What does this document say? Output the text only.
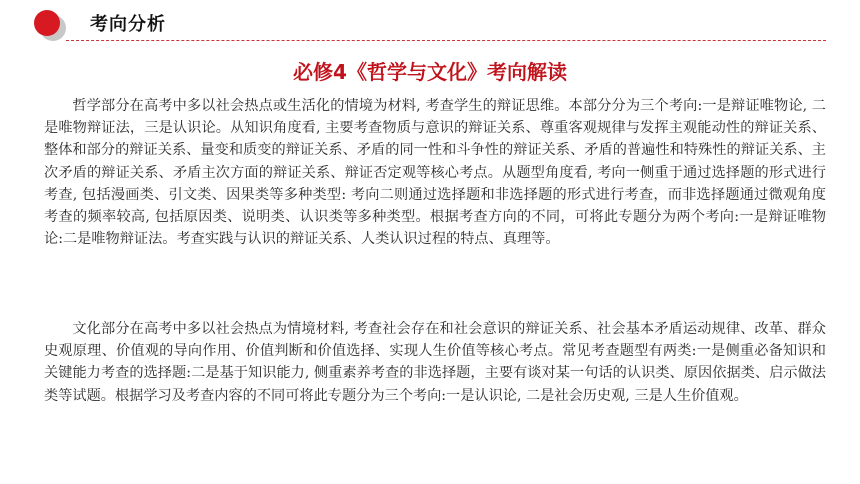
考向分析
必修4《哲学与文化》考向解读

哲学部分在高考中多以社会热点或生活化的情境为材料, 考查学生的辩证思维。本部分分为三个考向:一是辩证唯物论, 二是唯物辩证法，三是认识论。从知识角度看, 主要考查物质与意识的辩证关系、尊重客观规律与发挥主观能动性的辩证关系、整体和部分的辩证关系、量变和质变的辩证关系、矛盾的同一性和斗争性的辩证关系、矛盾的普遍性和特殊性的辩证关系、主次矛盾的辩证关系、矛盾主次方面的辩证关系、辩证否定观等核心考点。从题型角度看, 考向一侧重于通过选择题的形式进行考查, 包括漫画类、引文类、因果类等多种类型: 考向二则通过选择题和非选择题的形式进行考查，而非选择题通过微观角度考查的频率较高, 包括原因类、说明类、认识类等多种类型。根据考查方向的不同，可将此专题分为两个考向:一是辩证唯物论:二是唯物辩证法。考查实践与认识的辩证关系、人类认识过程的特点、真理等。

文化部分在高考中多以社会热点为情境材料, 考查社会存在和社会意识的辩证关系、社会基本矛盾运动规律、改革、群众史观原理、价值观的导向作用、价值判断和价值选择、实现人生价值等核心考点。常见考查题型有两类:一是侧重必备知识和关键能力考查的选择题:二是基于知识能力, 侧重素养考查的非选择题，主要有谈对某一句话的认识类、原因依据类、启示做法类等试题。根据学习及考查内容的不同可将此专题分为三个考向:一是认识论, 二是社会历史观, 三是人生价值观。
